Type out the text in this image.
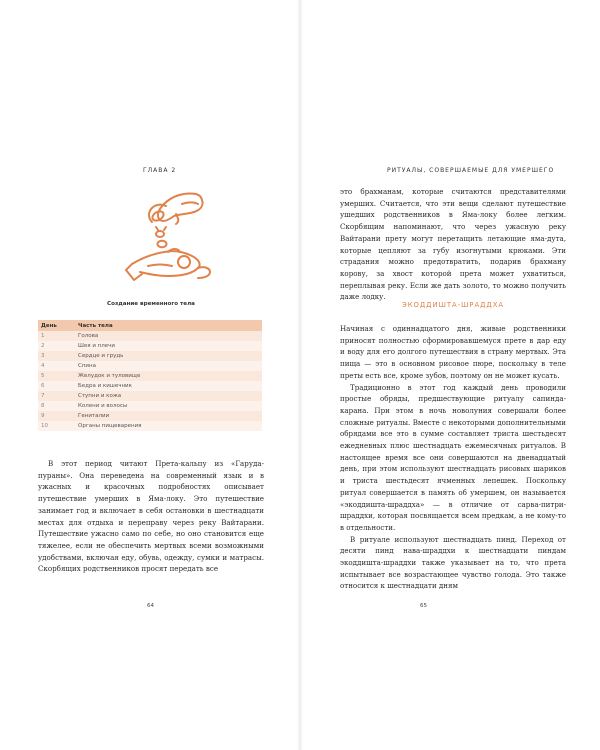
ГЛАВА 2
Создание временного тела
День	Часть тела
1	Голова
2	Шея и плечи
3	Сердце и грудь
4	Спина
5	Желудок и туловище
6	Бедра и кишечник
7	Ступни и кожа
8	Колени и волосы
9	Гениталии
10	Органы пищеварения

В этот период читают Прета-кальпу из «Гаруда-пураны». Она переведена на современный язык и в ужасных и красочных подробностях описывает путешествие умерших в Яма-локу. Это путешествие занимает год и включает в себя остановки в шестнадцати местах для отдыха и переправу через реку Вайтарани. Путешествие ужасно само по себе, но оно становится еще тяжелее, если не обеспечить мертвых всеми возможными удобствами, включая еду, обувь, одежду, сумки и матрасы. Скорбящих родственников просят передать все

64
РИТУАЛЫ, СОВЕРШАЕМЫЕ ДЛЯ УМЕРШЕГО

это брахманам, которые считаются представителями умерших. Считается, что эти вещи сделают путешествие ушедших родственников в Яма-локу более легким. Скорбящим напоминают, что через ужасную реку Вайтарани прету могут перетащить летающие яма-дута, которые цепляют за губу изогнутыми крюками. Эти страдания можно предотвратить, подарив брахману корову, за хвост которой прета может ухватиться, переплывая реку. Если же дать золото, то можно получить даже лодку.

ЭКОДДИШТА-ШРАДДХА

Начиная с одиннадцатого дня, живые родственники приносят полностью сформировавшемуся прете в дар еду и воду для его долгого путешествия в страну мертвых. Эта пища — это в основном рисовое пюре, поскольку в теле преты есть все, кроме зубов, поэтому он не может кусать.

Традиционно в этот год каждый день проводили простые обряды, предшествующие ритуалу сапинда-карана. При этом в ночь новолуния совершали более сложные ритуалы. Вместе с некоторыми дополнительными обрядами все это в сумме составляет триста шестьдесят ежедневных плюс шестнадцать ежемесячных ритуалов. В настоящее время все они совершаются на двенадцатый день, при этом используют шестнадцать рисовых шариков и триста шестьдесят ячменных лепешек. Поскольку ритуал совершается в память об умершем, он называется «экоддишта-шраддха» — в отличие от сарва-питри-шраддхи, которая посвящается всем предкам, а не кому-то в отдельности.

В ритуале используют шестнадцать пинд. Переход от десяти пинд нава-шраддхи к шестнадцати пиндам экоддишта-шраддхи также указывает на то, что прета испытывает все возрастающее чувство голода. Это также относится к шестнадцати дням

65
